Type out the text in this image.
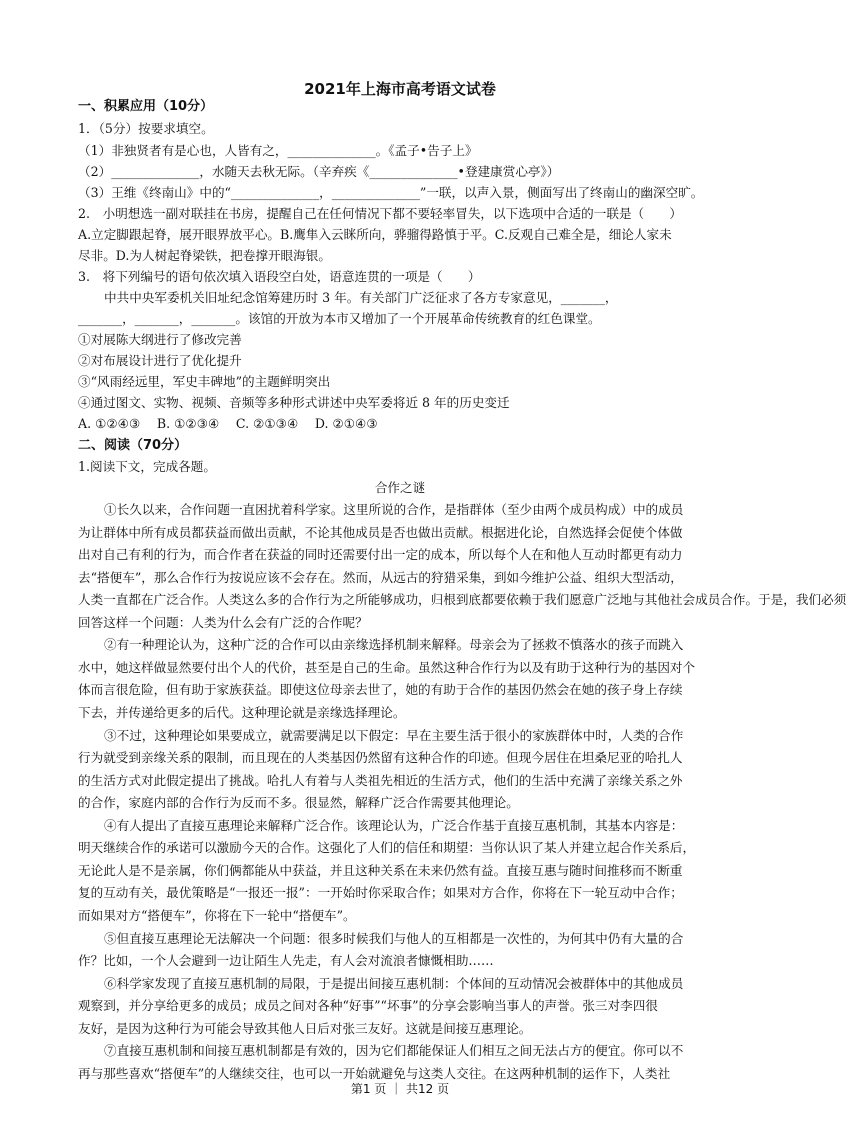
2021年上海市高考语文试卷
一、积累应用（10分）
1．（5分）按要求填空。
（1）非独贤者有是心也，人皆有之，______________。《孟子•告子上》
（2）______________，水随天去秋无际。（辛弃疾《______________•登建康赏心亭》）
（3）王维《终南山》中的“______________，______________”一联，以声入景，侧面写出了终南山的幽深空旷。
2.　小明想选一副对联挂在书房，提醒自己在任何情况下都不要轻率冒失，以下选项中合适的一联是（　　）
A.立定脚跟起脊，展开眼界放平心。B.鹰隼入云眯所向，骅骝得路慎于平。C.反观自己难全是，细论人家未
尽非。D.为人树起脊梁铁，把卷撑开眼海银。
3.　将下列编号的语句依次填入语段空白处，语意连贯的一项是（　　）
中共中央军委机关旧址纪念馆筹建历时 3 年。有关部门广泛征求了各方专家意见，_______，
_______，_______，_______。该馆的开放为本市又增加了一个开展革命传统教育的红色课堂。
①对展陈大纲进行了修改完善
②对布展设计进行了优化提升
③“风雨经远里，军史丰碑地”的主题鲜明突出
④通过图文、实物、视频、音频等多种形式讲述中央军委将近 8 年的历史变迁
A. ①②④③　 B. ①②③④　 C. ②①③④　 D. ②①④③
二、阅读（70分）
1.阅读下文，完成各题。
合作之谜
①长久以来，合作问题一直困扰着科学家。这里所说的合作，是指群体（至少由两个成员构成）中的成员
为让群体中所有成员都获益而做出贡献，不论其他成员是否也做出贡献。根据进化论，自然选择会促使个体做
出对自己有利的行为，而合作者在获益的同时还需要付出一定的成本，所以每个人在和他人互动时都更有动力
去“搭便车”，那么合作行为按说应该不会存在。然而，从远古的狩猎采集，到如今维护公益、组织大型活动，
人类一直都在广泛合作。人类这么多的合作行为之所能够成功，归根到底都要依赖于我们愿意广泛地与其他社会成员合作。于是，我们必须
回答这样一个问题：人类为什么会有广泛的合作呢？
②有一种理论认为，这种广泛的合作可以由亲缘选择机制来解释。母亲会为了拯救不慎落水的孩子而跳入
水中，她这样做显然要付出个人的代价，甚至是自己的生命。虽然这种合作行为以及有助于这种行为的基因对个
体而言很危险，但有助于家族获益。即使这位母亲去世了，她的有助于合作的基因仍然会在她的孩子身上存续
下去，并传递给更多的后代。这种理论就是亲缘选择理论。
③不过，这种理论如果要成立，就需要满足以下假定：早在主要生活于很小的家族群体中时，人类的合作
行为就受到亲缘关系的限制，而且现在的人类基因仍然留有这种合作的印迹。但现今居住在坦桑尼亚的哈扎人
的生活方式对此假定提出了挑战。哈扎人有着与人类祖先相近的生活方式，他们的生活中充满了亲缘关系之外
的合作，家庭内部的合作行为反而不多。很显然，解释广泛合作需要其他理论。
④有人提出了直接互惠理论来解释广泛合作。该理论认为，广泛合作基于直接互惠机制，其基本内容是：
明天继续合作的承诺可以激励今天的合作。这强化了人们的信任和期望：当你认识了某人并建立起合作关系后，
无论此人是不是亲属，你们俩都能从中获益，并且这种关系在未来仍然有益。直接互惠与随时间推移而不断重
复的互动有关，最优策略是“一报还一报”：一开始时你采取合作；如果对方合作，你将在下一轮互动中合作；
而如果对方“搭便车”，你将在下一轮中“搭便车”。
⑤但直接互惠理论无法解决一个问题：很多时候我们与他人的互相都是一次性的，为何其中仍有大量的合
作？比如，一个人会避到一边让陌生人先走，有人会对流浪者慷慨相助……
⑥科学家发现了直接互惠机制的局限，于是提出间接互惠机制：个体间的互动情况会被群体中的其他成员
观察到，并分享给更多的成员；成员之间对各种“好事”“坏事”的分享会影响当事人的声誉。张三对李四很
友好，是因为这种行为可能会导致其他人日后对张三友好。这就是间接互惠理论。
⑦直接互惠机制和间接互惠机制都是有效的，因为它们都能保证人们相互之间无法占方的便宜。你可以不
再与那些喜欢“搭便车”的人继续交往，也可以一开始就避免与这类人交往。在这两种机制的运作下，人类社
第1 页 ｜ 共12 页
